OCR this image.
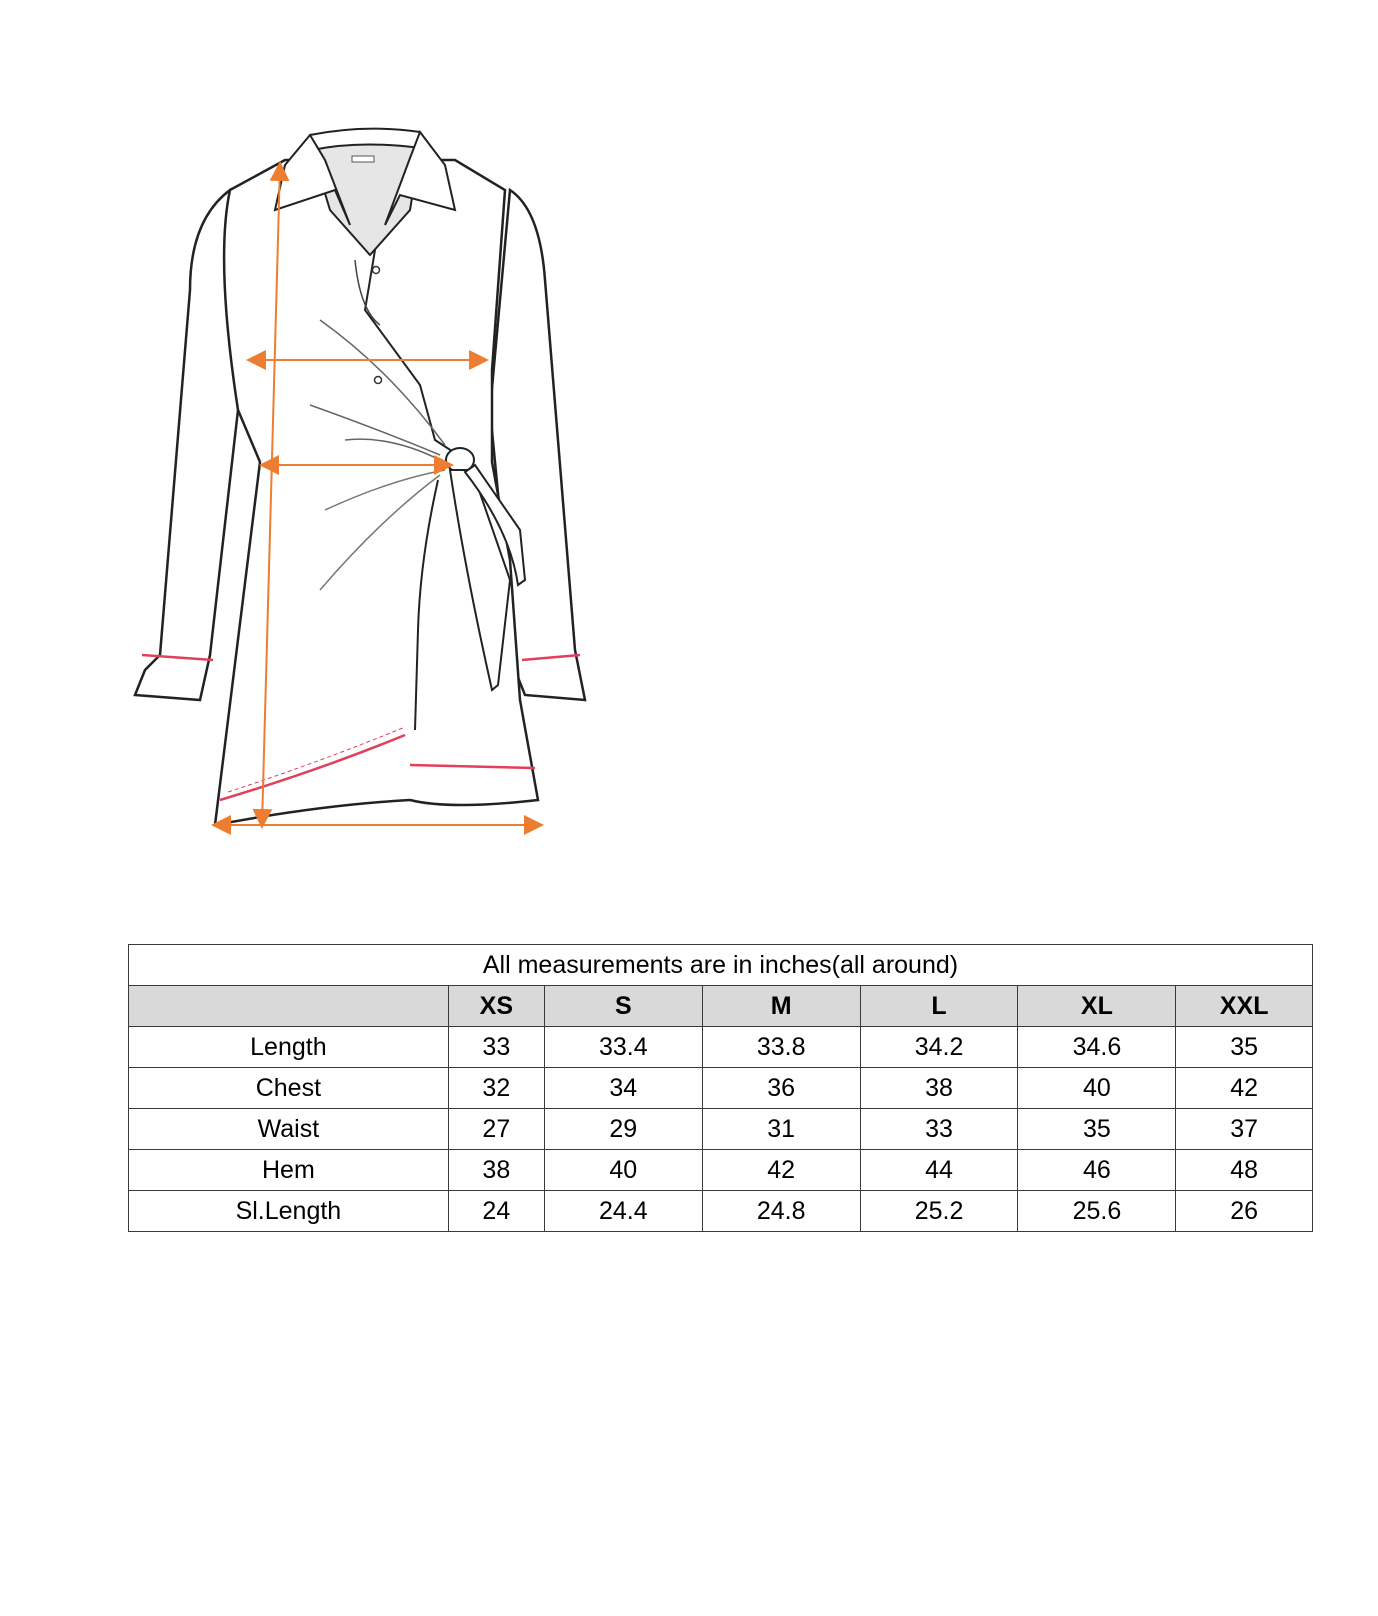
All measurements are in inches(all around)						
	XS	S	M	L	XL	XXL
Length	33	33.4	33.8	34.2	34.6	35
Chest	32	34	36	38	40	42
Waist	27	29	31	33	35	37
Hem	38	40	42	44	46	48
Sl.Length	24	24.4	24.8	25.2	25.6	26
